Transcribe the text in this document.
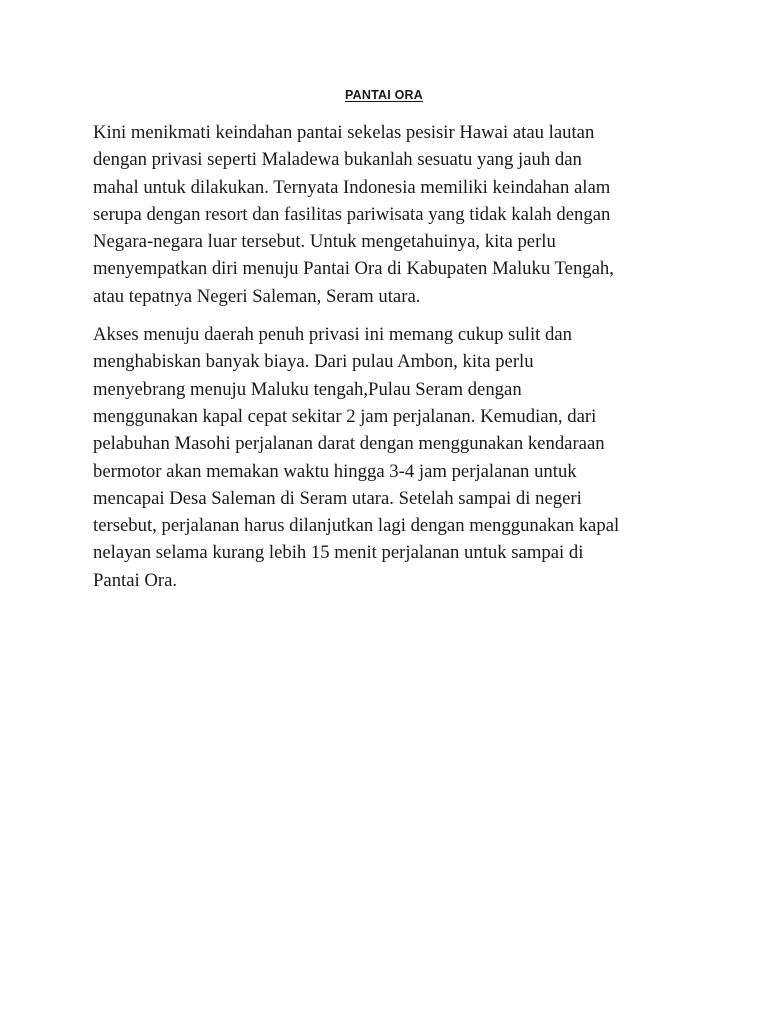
PANTAI ORA

Kini menikmati keindahan pantai sekelas pesisir Hawai atau lautan
dengan privasi seperti Maladewa bukanlah sesuatu yang jauh dan
mahal untuk dilakukan. Ternyata Indonesia memiliki keindahan alam
serupa dengan resort dan fasilitas pariwisata yang tidak kalah dengan
Negara-negara luar tersebut. Untuk mengetahuinya, kita perlu
menyempatkan diri menuju Pantai Ora di Kabupaten Maluku Tengah,
atau tepatnya Negeri Saleman, Seram utara.

Akses menuju daerah penuh privasi ini memang cukup sulit dan
menghabiskan banyak biaya. Dari pulau Ambon, kita perlu
menyebrang menuju Maluku tengah,Pulau Seram dengan
menggunakan kapal cepat sekitar 2 jam perjalanan. Kemudian, dari
pelabuhan Masohi perjalanan darat dengan menggunakan kendaraan
bermotor akan memakan waktu hingga 3-4 jam perjalanan untuk
mencapai Desa Saleman di Seram utara. Setelah sampai di negeri
tersebut, perjalanan harus dilanjutkan lagi dengan menggunakan kapal
nelayan selama kurang lebih 15 menit perjalanan untuk sampai di
Pantai Ora.
